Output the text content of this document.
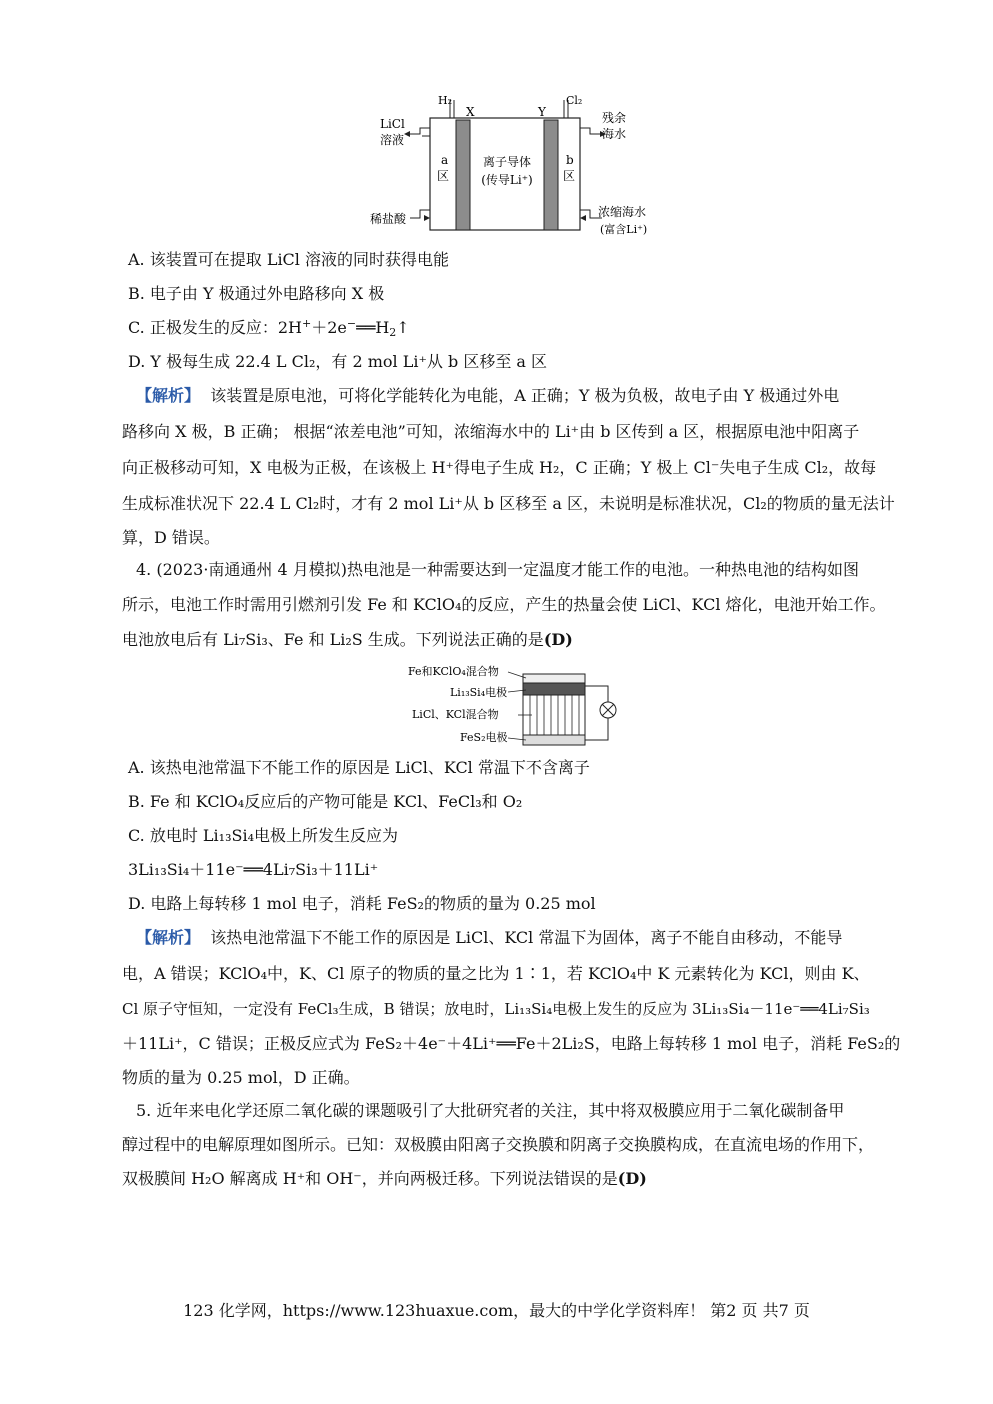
H₂
X	Y
Cl₂
LiCl
溶液
残余
海水
a
区
b
区
离子导体
(传导Li⁺)
稀盐酸	浓缩海水
(富含Li⁺)
A. 该装置可在提取 LiCl 溶液的同时获得电能
B. 电子由 Y 极通过外电路移向 X 极
C. 正极发生的反应：$2H^++2e^-══H_2↑$
D. Y 极每生成 22.4 L Cl₂，有 2 mol Li⁺从 b 区移至 a 区
【解析】 该装置是原电池，可将化学能转化为电能，A 正确；Y 极为负极，故电子由 Y 极通过外电
路移向 X 极，B 正确； 根据“浓差电池”可知，浓缩海水中的 Li⁺由 b 区传到 a 区，根据原电池中阳离子
向正极移动可知，X 电极为正极，在该极上 H⁺得电子生成 H₂，C 正确；Y 极上 Cl⁻失电子生成 Cl₂，故每
生成标准状况下 22.4 L Cl₂时，才有 2 mol Li⁺从 b 区移至 a 区，未说明是标准状况，Cl₂的物质的量无法计
算，D 错误。
4. (2023·南通通州 4 月模拟)热电池是一种需要达到一定温度才能工作的电池。一种热电池的结构如图
所示，电池工作时需用引燃剂引发 Fe 和 KClO₄的反应，产生的热量会使 LiCl、KCl 熔化，电池开始工作。
电池放电后有 Li₇Si₃、Fe 和 Li₂S 生成。下列说法正确的是(D)
Fe和KClO₄混合物
Li₁₃Si₄电极
LiCl、KCl混合物
FeS₂电极
A. 该热电池常温下不能工作的原因是 LiCl、KCl 常温下不含离子
B. Fe 和 KClO₄反应后的产物可能是 KCl、FeCl₃和 O₂
C. 放电时 Li₁₃Si₄电极上所发生反应为
3Li₁₃Si₄＋11e⁻══4Li₇Si₃＋11Li⁺
D. 电路上每转移 1 mol 电子，消耗 FeS₂的物质的量为 0.25 mol
【解析】 该热电池常温下不能工作的原因是 LiCl、KCl 常温下为固体，离子不能自由移动，不能导
电，A 错误；KClO₄中，K、Cl 原子的物质的量之比为 1∶1，若 KClO₄中 K 元素转化为 KCl，则由 K、
Cl 原子守恒知，一定没有 FeCl₃生成，B 错误；放电时，Li₁₃Si₄电极上发生的反应为 3Li₁₃Si₄－11e⁻══4Li₇Si₃
＋11Li⁺，C 错误；正极反应式为 FeS₂＋4e⁻＋4Li⁺══Fe＋2Li₂S，电路上每转移 1 mol 电子，消耗 FeS₂的
物质的量为 0.25 mol，D 正确。
5. 近年来电化学还原二氧化碳的课题吸引了大批研究者的关注，其中将双极膜应用于二氧化碳制备甲
醇过程中的电解原理如图所示。已知：双极膜由阳离子交换膜和阴离子交换膜构成，在直流电场的作用下，
双极膜间 H₂O 解离成 H⁺和 OH⁻，并向两极迁移。下列说法错误的是(D)
123 化学网，https://www.123huaxue.com，最大的中学化学资料库！ 第2 页 共7 页
